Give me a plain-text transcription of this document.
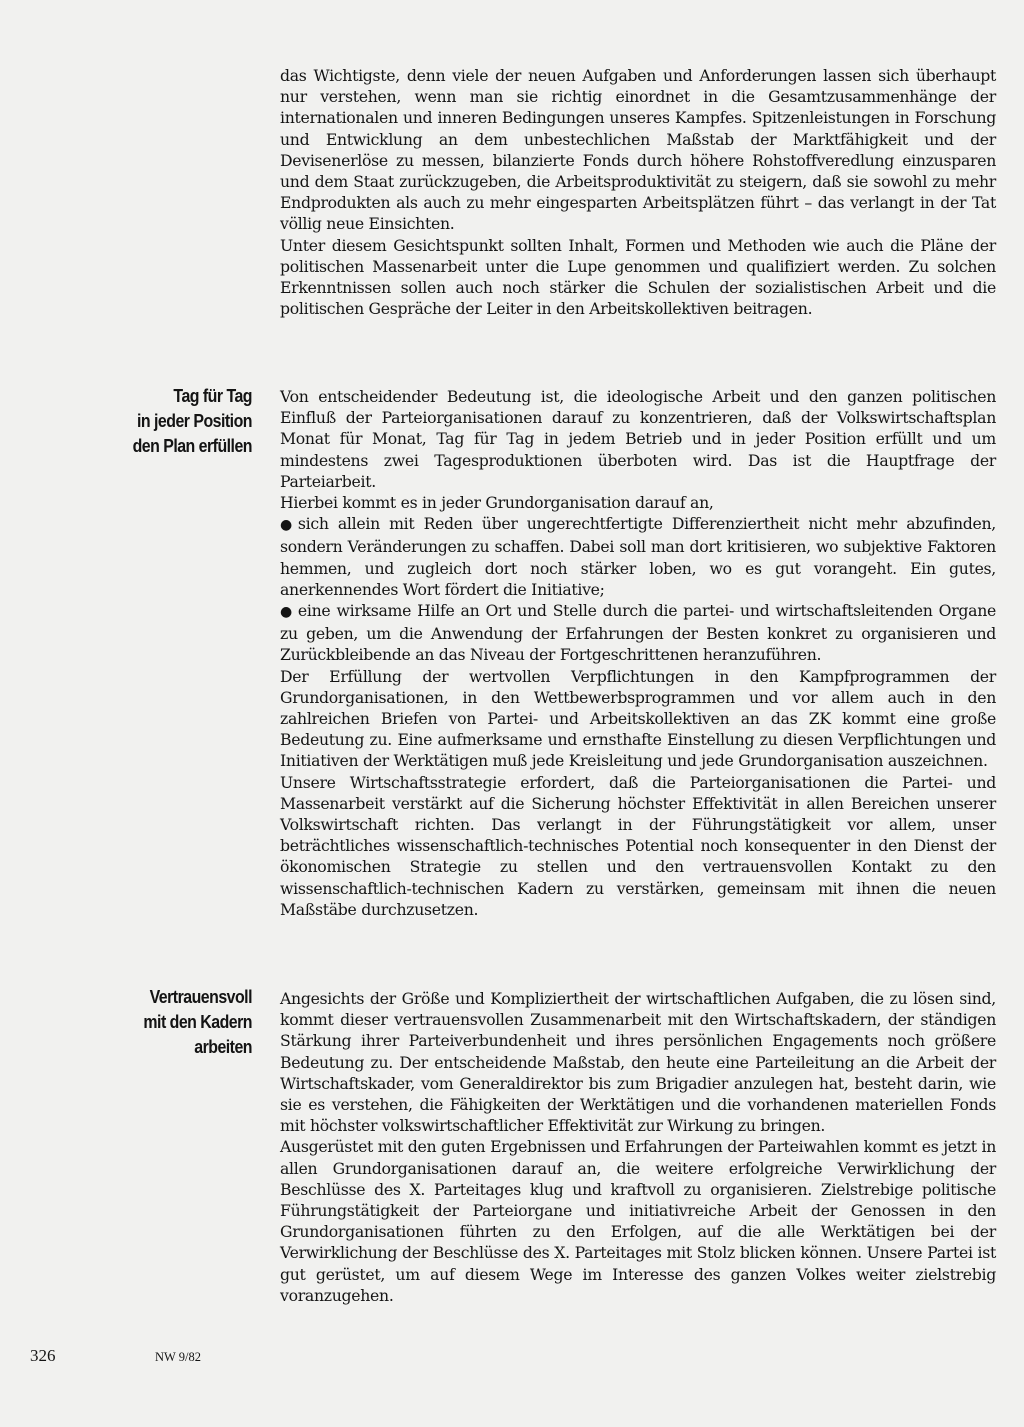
das Wichtigste, denn viele der neuen Aufgaben und Anforderungen lassen sich überhaupt nur verstehen, wenn man sie richtig einordnet in die Gesamtzusammenhänge der internationalen und inneren Bedingungen unseres Kampfes. Spitzenleistungen in Forschung und Entwicklung an dem unbestechlichen Maßstab der Marktfähigkeit und der Devisenerlöse zu messen, bilanzierte Fonds durch höhere Rohstoffveredlung einzusparen und dem Staat zurückzugeben, die Arbeitsproduktivität zu steigern, daß sie sowohl zu mehr Endprodukten als auch zu mehr eingesparten Arbeitsplätzen führt – das verlangt in der Tat völlig neue Einsichten.

Unter diesem Gesichtspunkt sollten Inhalt, Formen und Methoden wie auch die Pläne der politischen Massenarbeit unter die Lupe genommen und qualifiziert werden. Zu solchen Erkenntnissen sollen auch noch stärker die Schulen der sozialistischen Arbeit und die politischen Gespräche der Leiter in den Arbeitskollektiven beitragen.

Tag für Tag
in jeder Position
den Plan erfüllen

Von entscheidender Bedeutung ist, die ideologische Arbeit und den ganzen politischen Einfluß der Parteiorganisationen darauf zu konzentrieren, daß der Volkswirtschaftsplan Monat für Monat, Tag für Tag in jedem Betrieb und in jeder Position erfüllt und um mindestens zwei Tagesproduktionen überboten wird. Das ist die Hauptfrage der Parteiarbeit.

Hierbei kommt es in jeder Grundorganisation darauf an,

● sich allein mit Reden über ungerechtfertigte Differenziertheit nicht mehr abzufinden, sondern Veränderungen zu schaffen. Dabei soll man dort kritisieren, wo subjektive Faktoren hemmen, und zugleich dort noch stärker loben, wo es gut vorangeht. Ein gutes, anerkennendes Wort fördert die Initiative;

● eine wirksame Hilfe an Ort und Stelle durch die partei- und wirtschaftsleitenden Organe zu geben, um die Anwendung der Erfahrungen der Besten konkret zu organisieren und Zurückbleibende an das Niveau der Fortgeschrittenen heranzuführen.

Der Erfüllung der wertvollen Verpflichtungen in den Kampfprogrammen der Grundorganisationen, in den Wettbewerbsprogrammen und vor allem auch in den zahlreichen Briefen von Partei- und Arbeitskollektiven an das ZK kommt eine große Bedeutung zu. Eine aufmerksame und ernsthafte Einstellung zu diesen Verpflichtungen und Initiativen der Werktätigen muß jede Kreisleitung und jede Grundorganisation auszeichnen.

Unsere Wirtschaftsstrategie erfordert, daß die Parteiorganisationen die Partei- und Massenarbeit verstärkt auf die Sicherung höchster Effektivität in allen Bereichen unserer Volkswirtschaft richten. Das verlangt in der Führungstätigkeit vor allem, unser beträchtliches wissenschaftlich-technisches Potential noch konsequenter in den Dienst der ökonomischen Strategie zu stellen und den vertrauensvollen Kontakt zu den wissenschaftlich-technischen Kadern zu verstärken, gemeinsam mit ihnen die neuen Maßstäbe durchzusetzen.

Vertrauensvoll
mit den Kadern
arbeiten

Angesichts der Größe und Kompliziertheit der wirtschaftlichen Aufgaben, die zu lösen sind, kommt dieser vertrauensvollen Zusammenarbeit mit den Wirtschaftskadern, der ständigen Stärkung ihrer Parteiverbundenheit und ihres persönlichen Engagements noch größere Bedeutung zu. Der entscheidende Maßstab, den heute eine Parteileitung an die Arbeit der Wirtschaftskader, vom Generaldirektor bis zum Brigadier anzulegen hat, besteht darin, wie sie es verstehen, die Fähigkeiten der Werktätigen und die vorhandenen materiellen Fonds mit höchster volkswirtschaftlicher Effektivität zur Wirkung zu bringen.

Ausgerüstet mit den guten Ergebnissen und Erfahrungen der Parteiwahlen kommt es jetzt in allen Grundorganisationen darauf an, die weitere erfolgreiche Verwirklichung der Beschlüsse des X. Parteitages klug und kraftvoll zu organisieren. Zielstrebige politische Führungstätigkeit der Parteiorgane und initiativreiche Arbeit der Genossen in den Grundorganisationen führten zu den Erfolgen, auf die alle Werktätigen bei der Verwirklichung der Beschlüsse des X. Parteitages mit Stolz blicken können. Unsere Partei ist gut gerüstet, um auf diesem Wege im Interesse des ganzen Volkes weiter zielstrebig voranzugehen.

326	NW 9/82
